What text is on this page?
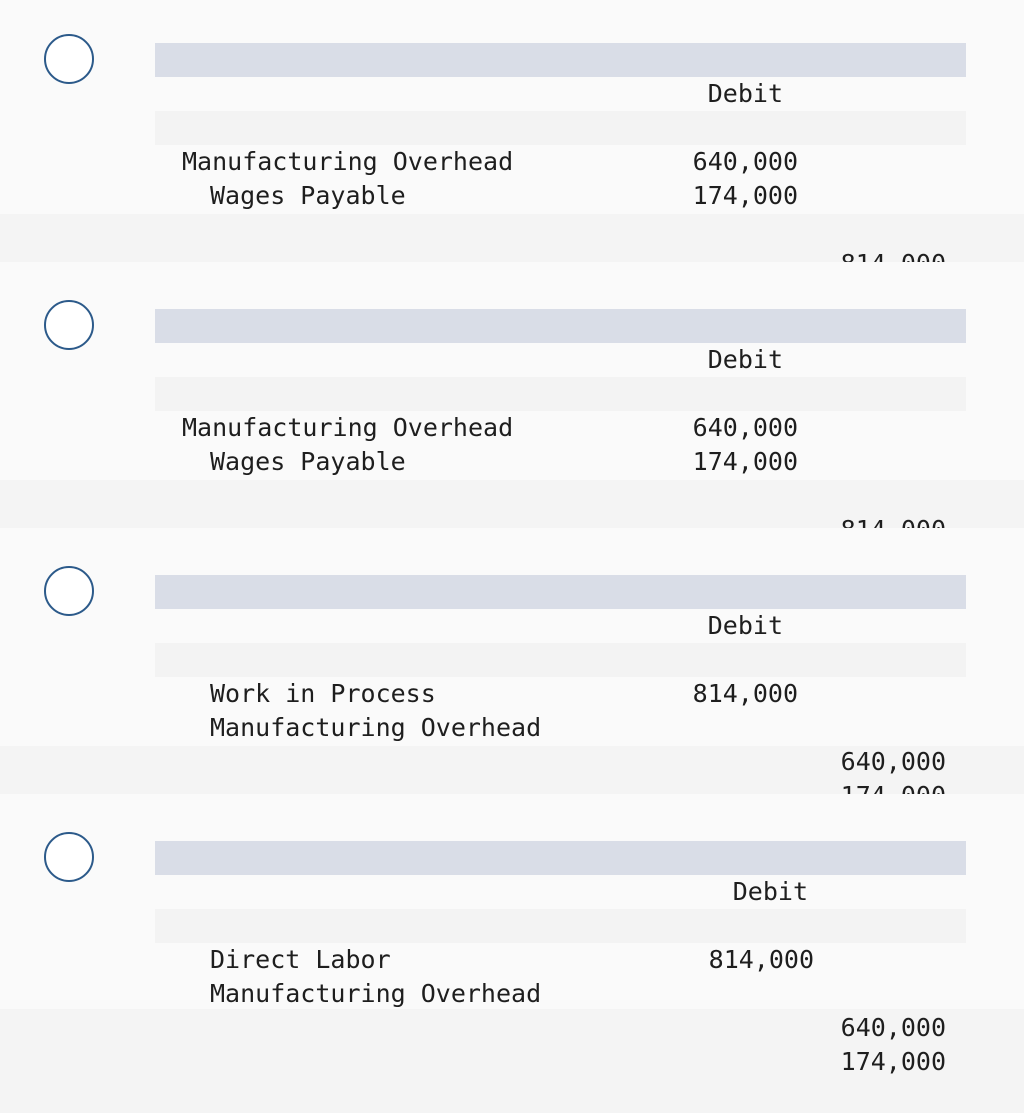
Debit

640,000

Manufacturing Overhead

174,000

Wages Payable

Debit

640,000

Manufacturing Overhead

174,000

Wages Payable

Debit

814,000

Work in Process

640,000

Manufacturing Overhead

Debit

814,000

Direct Labor

640,000

Manufacturing Overhead

174,000
